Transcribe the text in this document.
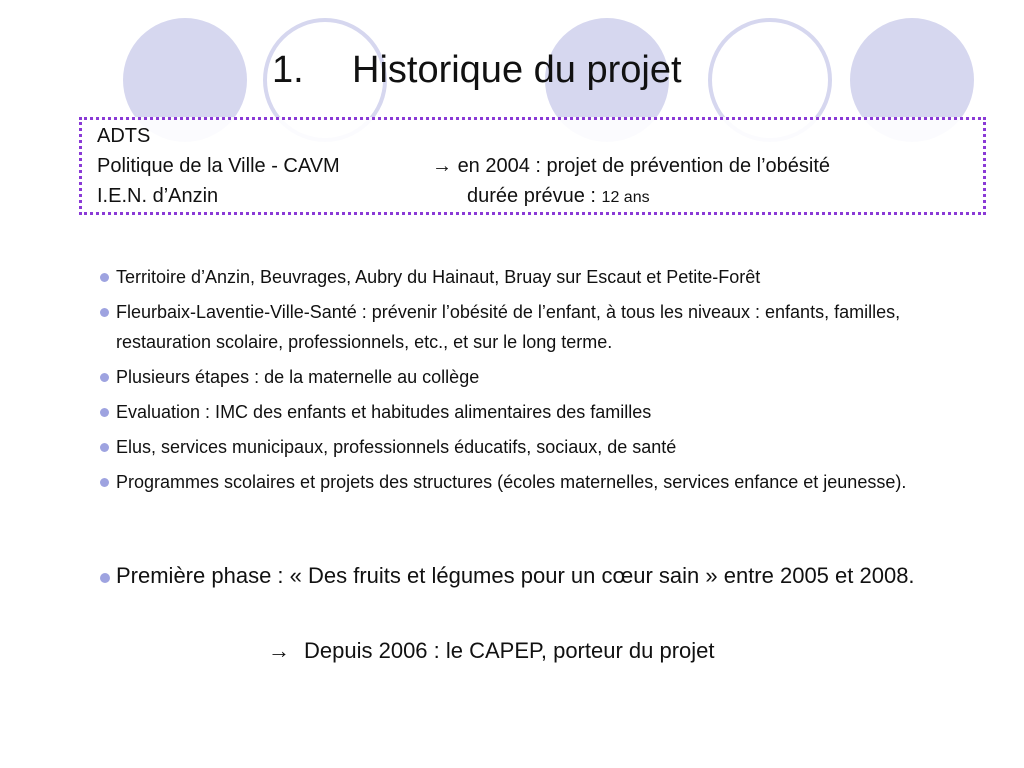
1. Historique du projet
ADTS
Politique de la Ville - CAVM	→ en 2004 : projet de prévention de l’obésité
I.E.N. d’Anzin	durée prévue : 12 ans
Territoire d’Anzin, Beuvrages, Aubry du Hainaut, Bruay sur Escaut et Petite-Forêt
Fleurbaix-Laventie-Ville-Santé : prévenir l’obésité de l’enfant, à tous les niveaux : enfants, familles, restauration scolaire, professionnels, etc., et sur le long terme.
Plusieurs étapes : de la maternelle au collège
Evaluation : IMC des enfants et habitudes alimentaires des familles
Elus, services municipaux, professionnels éducatifs, sociaux, de santé
Programmes scolaires et projets des structures (écoles maternelles, services enfance et jeunesse).
Première phase : « Des fruits et légumes pour un cœur sain » entre 2005 et 2008.
→ Depuis 2006 : le CAPEP, porteur du projet
